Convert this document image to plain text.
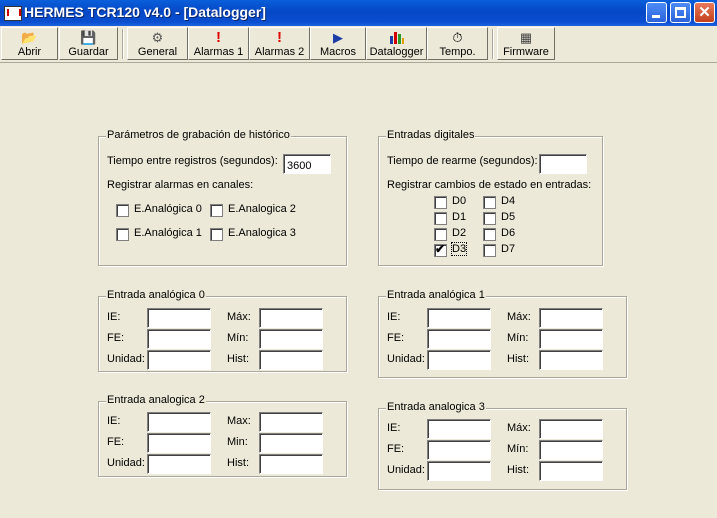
HERMES TCR120 v4.0 - [Datalogger]	✕
📂
Abrir
💾
Guardar
⚙
General
!
Alarmas 1
!
Alarmas 2
▶
Macros	Datalogger
⏱
Tempo.
▦
Firmware
Parámetros de grabación de histórico
Tiempo entre registros (segundos):
3600
Registrar alarmas en canales:
E.Analógica 0 E.Analogica 2
E.Analógica 1 E.Analogica 3
Entradas digitales
Tiempo de rearme (segundos):
Registrar cambios de estado en entradas:
D0
D1
D2
✔ D3
D4
D5
D6
D7
Entrada analógica 0
IE:	Máx:
FE:	Mín:
Unidad:	Hist:
Entrada analógica 1
IE:	Máx:
FE:	Mín:
Unidad:	Hist:
Entrada analogica 2
IE:	Max:
FE:	Min:
Unidad:	Hist:
Entrada analogica 3
IE:	Máx:
FE:	Mín:
Unidad:	Hist:
